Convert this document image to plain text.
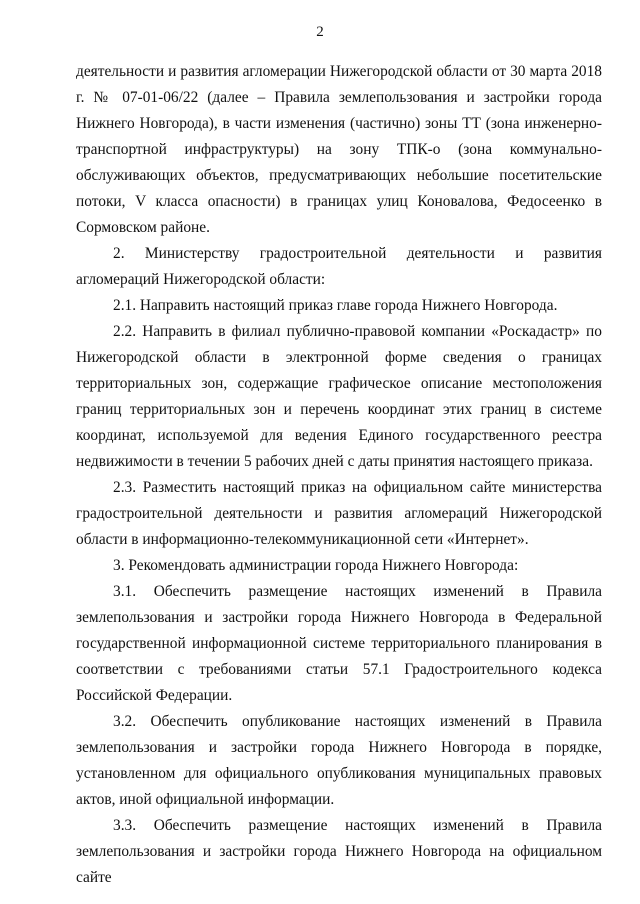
2

деятельности и развития агломерации Нижегородской области от 30 марта 2018 г. № 07-01-06/22 (далее – Правила землепользования и застройки города Нижнего Новгорода), в части изменения (частично) зоны ТТ (зона инженерно-транспортной инфраструктуры) на зону ТПК-о (зона коммунально-обслуживающих объектов, предусматривающих небольшие посетительские потоки, V класса опасности) в границах улиц Коновалова, Федосеенко в Сормовском районе.

2. Министерству градостроительной деятельности и развития агломераций Нижегородской области:

2.1. Направить настоящий приказ главе города Нижнего Новгорода.

2.2. Направить в филиал публично-правовой компании «Роскадастр» по Нижегородской области в электронной форме сведения о границах территориальных зон, содержащие графическое описание местоположения границ территориальных зон и перечень координат этих границ в системе координат, используемой для ведения Единого государственного реестра недвижимости в течении 5 рабочих дней с даты принятия настоящего приказа.

2.3. Разместить настоящий приказ на официальном сайте министерства градостроительной деятельности и развития агломераций Нижегородской области в информационно-телекоммуникационной сети «Интернет».

3. Рекомендовать администрации города Нижнего Новгорода:

3.1. Обеспечить размещение настоящих изменений в Правила землепользования и застройки города Нижнего Новгорода в Федеральной государственной информационной системе территориального планирования в соответствии с требованиями статьи 57.1 Градостроительного кодекса Российской Федерации.

3.2. Обеспечить опубликование настоящих изменений в Правила землепользования и застройки города Нижнего Новгорода в порядке, установленном для официального опубликования муниципальных правовых актов, иной официальной информации.

3.3. Обеспечить размещение настоящих изменений в Правила землепользования и застройки города Нижнего Новгорода на официальном сайте
